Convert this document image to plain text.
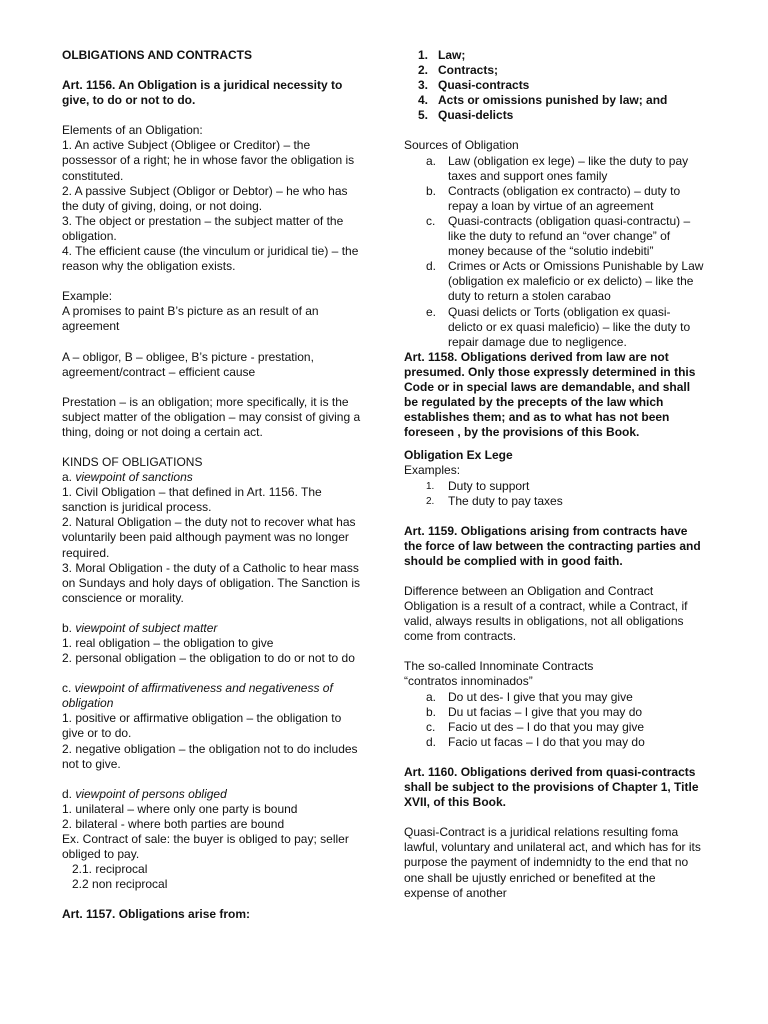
OLBIGATIONS AND CONTRACTS

Art. 1156. An Obligation is a juridical necessity to give, to do or not to do.

Elements of an Obligation:

1. An active Subject (Obligee or Creditor) – the possessor of a right; he in whose favor the obligation is constituted.

2. A passive Subject (Obligor or Debtor) – he who has the duty of giving, doing, or not doing.

3. The object or prestation – the subject matter of the obligation.

4. The efficient cause (the vinculum or juridical tie) – the reason why the obligation exists.

Example:

A promises to paint B’s picture as an result of an agreement

A – obligor, B – obligee, B’s picture - prestation, agreement/contract – efficient cause

Prestation – is an obligation; more specifically, it is the subject matter of the obligation – may consist of giving a thing, doing or not doing a certain act.

KINDS OF OBLIGATIONS

a. viewpoint of sanctions

1. Civil Obligation – that defined in Art. 1156. The sanction is juridical process.

2. Natural Obligation – the duty not to recover what has voluntarily been paid although payment was no longer required.

3. Moral Obligation - the duty of a Catholic to hear mass on Sundays and holy days of obligation. The Sanction is conscience or morality.

b. viewpoint of subject matter

1. real obligation – the obligation to give

2. personal obligation – the obligation to do or not to do

c. viewpoint of affirmativeness and negativeness of obligation

1. positive or affirmative obligation – the obligation to give or to do.

2. negative obligation – the obligation not to do includes not to give.

d. viewpoint of persons obliged

1. unilateral – where only one party is bound

2. bilateral - where both parties are bound

Ex. Contract of sale: the buyer is obliged to pay; seller obliged to pay.

2.1. reciprocal

2.2 non reciprocal

Art. 1157. Obligations arise from:

1. Law;
2. Contracts;
3. Quasi-contracts
4. Acts or omissions punished by law; and
5. Quasi-delicts

Sources of Obligation

a. Law (obligation ex lege) – like the duty to pay taxes and support ones family
b. Contracts (obligation ex contracto) – duty to repay a loan by virtue of an agreement
c.	Quasi-contracts (obligation quasi-contractu) – like the duty to refund an “over change” of money because of the “solutio indebiti”
d. Crimes or Acts or Omissions Punishable by Law (obligation ex maleficio or ex delicto) – like the duty to return a stolen carabao
e. Quasi delicts or Torts (obligation ex quasi-delicto or ex quasi maleficio) – like the duty to repair damage due to negligence.

Art. 1158. Obligations derived from law are not presumed. Only those expressly determined in this Code or in special laws are demandable, and shall be regulated by the precepts of the law which establishes them; and as to what has not been foreseen , by the provisions of this Book.

Obligation Ex Lege

Examples:

1.	Duty to support
2.	The duty to pay taxes

Art. 1159. Obligations arising from contracts have the force of law between the contracting parties and should be complied with in good faith.

Difference between an Obligation and Contract Obligation is a result of a contract, while a Contract, if valid, always results in obligations, not all obligations come from contracts.

The so-called Innominate Contracts

“contratos innominados”

a. Do ut des- I give that you may give
b. Du ut facias – I give that you may do
c.	Facio ut des – I do that you may give
d. Facio ut facas – I do that you may do

Art. 1160. Obligations derived from quasi-contracts shall be subject to the provisions of Chapter 1, Title XVII, of this Book.

Quasi-Contract is a juridical relations resulting foma lawful, voluntary and unilateral act, and which has for its purpose the payment of indemnidty to the end that no one shall be ujustly enriched or benefited at the expense of another
